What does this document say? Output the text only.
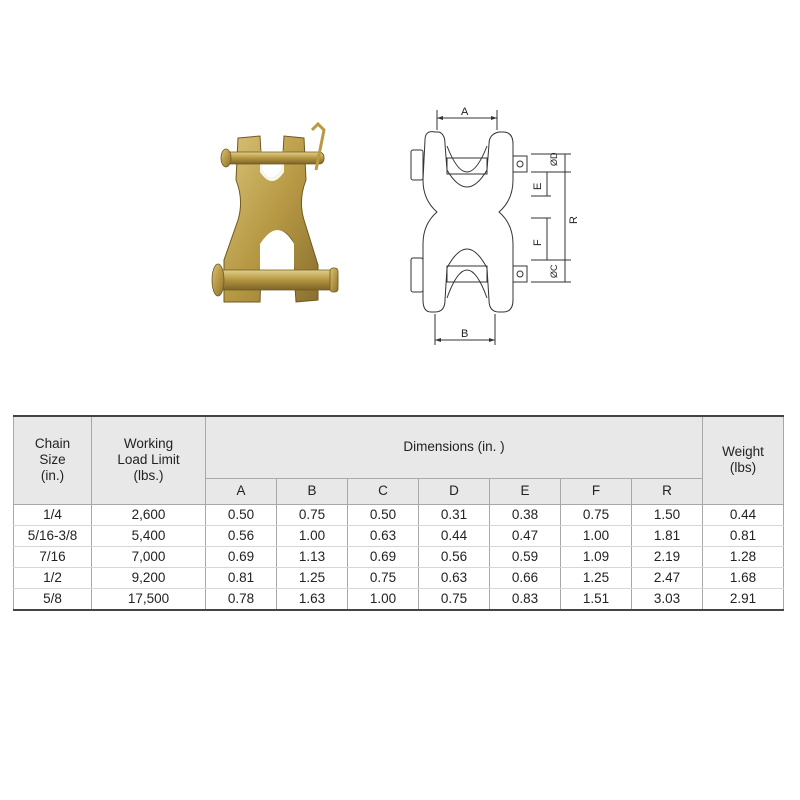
A
ØD
E
R
F
ØC
B
Chain
Size
(in.)	Working
Load Limit
(lbs.)	Dimensions (in. )							Weight
(lbs)
		A	B	C	D	E	F	R	
1/4	2,600	0.50	0.75	0.50	0.31	0.38	0.75	1.50	0.44
5/16-3/8	5,400	0.56	1.00	0.63	0.44	0.47	1.00	1.81	0.81
7/16	7,000	0.69	1.13	0.69	0.56	0.59	1.09	2.19	1.28
1/2	9,200	0.81	1.25	0.75	0.63	0.66	1.25	2.47	1.68
5/8	17,500	0.78	1.63	1.00	0.75	0.83	1.51	3.03	2.91
